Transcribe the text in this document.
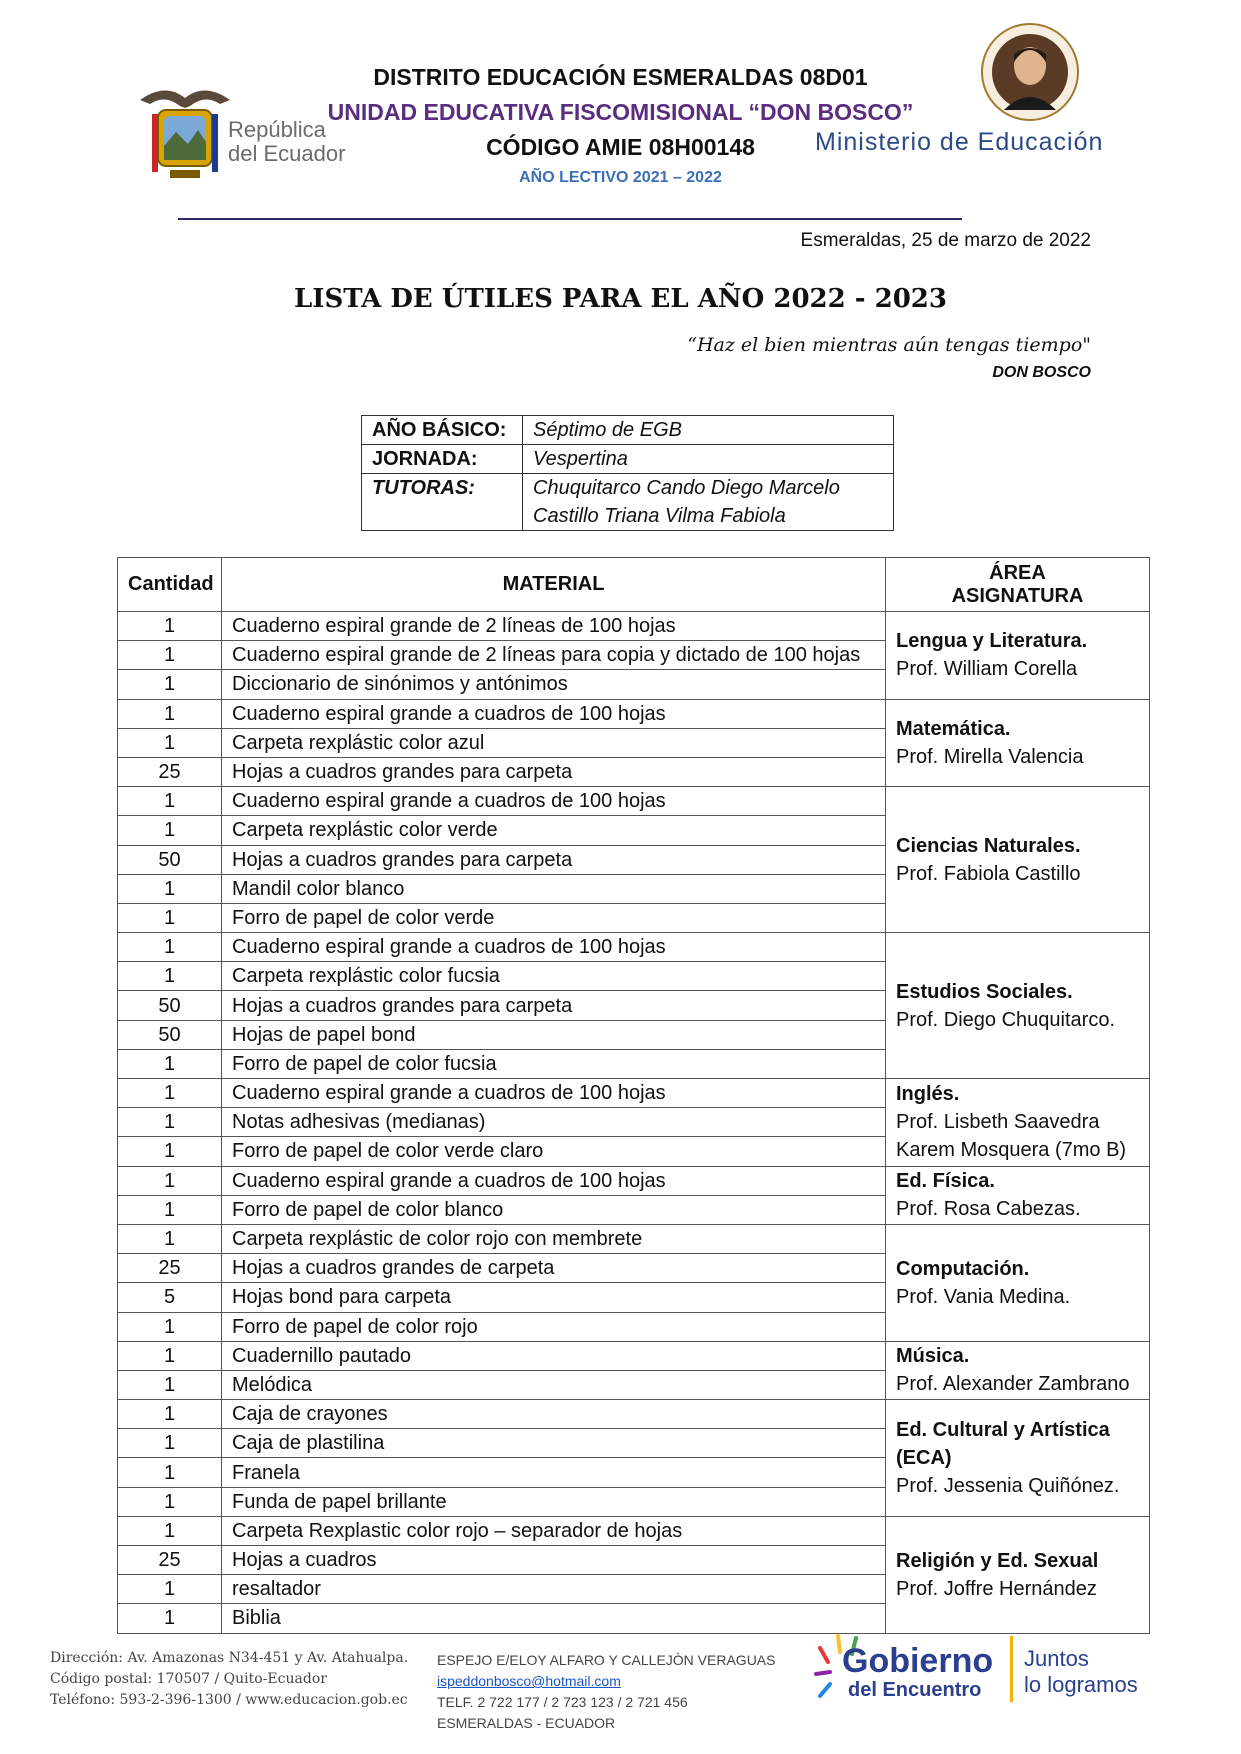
República
del Ecuador
DISTRITO EDUCACIÓN ESMERALDAS 08D01
UNIDAD EDUCATIVA FISCOMISIONAL “DON BOSCO”
CÓDIGO AMIE 08H00148
AÑO LECTIVO 2021 – 2022
Ministerio de Educación
Esmeraldas, 25 de marzo de 2022
LISTA DE ÚTILES PARA EL AÑO 2022 - 2023
“Haz el bien mientras aún tengas tiempo"
DON BOSCO
AÑO BÁSICO:	Séptimo de EGB
JORNADA:	Vespertina
TUTORAS:	Chuquitarco Cando Diego Marcelo
Castillo Triana Vilma Fabiola
Cantidad	MATERIAL	ÁREA
ASIGNATURA

1	Cuaderno espiral grande de 2 líneas de 100 hojas	Lengua y Literatura.
Prof. William Corella

1	Cuaderno espiral grande de 2 líneas para copia y dictado de 100 hojas	
1	Diccionario de sinónimos y antónimos	
1	Cuaderno espiral grande a cuadros de 100 hojas	Matemática.
Prof. Mirella Valencia

1	Carpeta rexplástic color azul	
25	Hojas a cuadros grandes para carpeta	
1	Cuaderno espiral grande a cuadros de 100 hojas	Ciencias Naturales.
Prof. Fabiola Castillo

1	Carpeta rexplástic color verde	
50	Hojas a cuadros grandes para carpeta	
1	Mandil color blanco	
1	Forro de papel de color verde	
1	Cuaderno espiral grande a cuadros de 100 hojas	Estudios Sociales.
Prof. Diego Chuquitarco.

1	Carpeta rexplástic color fucsia	
50	Hojas a cuadros grandes para carpeta	
50	Hojas de papel bond	
1	Forro de papel de color fucsia	
1	Cuaderno espiral grande a cuadros de 100 hojas	Inglés.
Prof. Lisbeth Saavedra
Karem Mosquera (7mo B)

1	Notas adhesivas (medianas)	
1	Forro de papel de color verde claro	
1	Cuaderno espiral grande a cuadros de 100 hojas	Ed. Física.
Prof. Rosa Cabezas.

1	Forro de papel de color blanco	
1	Carpeta rexplástic de color rojo con membrete	Computación.
Prof. Vania Medina.

25	Hojas a cuadros grandes de carpeta	
5	Hojas bond para carpeta	
1	Forro de papel de color rojo	
1	Cuadernillo pautado	Música.
Prof. Alexander Zambrano

1	Melódica	
1	Caja de crayones	Ed. Cultural y Artística (ECA)
Prof. Jessenia Quiñónez.

1	Caja de plastilina	
1	Franela	
1	Funda de papel brillante	
1	Carpeta Rexplastic color rojo – separador de hojas	Religión y Ed. Sexual
Prof. Joffre Hernández

25	Hojas a cuadros	
1	resaltador	
1	Biblia	
Dirección: Av. Amazonas N34-451 y Av. Atahualpa.
Código postal: 170507 / Quito-Ecuador
Teléfono: 593-2-396-1300 / www.educacion.gob.ec
ESPEJO E/ELOY ALFARO Y CALLEJÒN VERAGUAS
ispeddonbosco@hotmail.com
TELF. 2 722 177 / 2 723 123 / 2 721 456
ESMERALDAS - ECUADOR
Gobierno
del Encuentro
Juntos
lo logramos
